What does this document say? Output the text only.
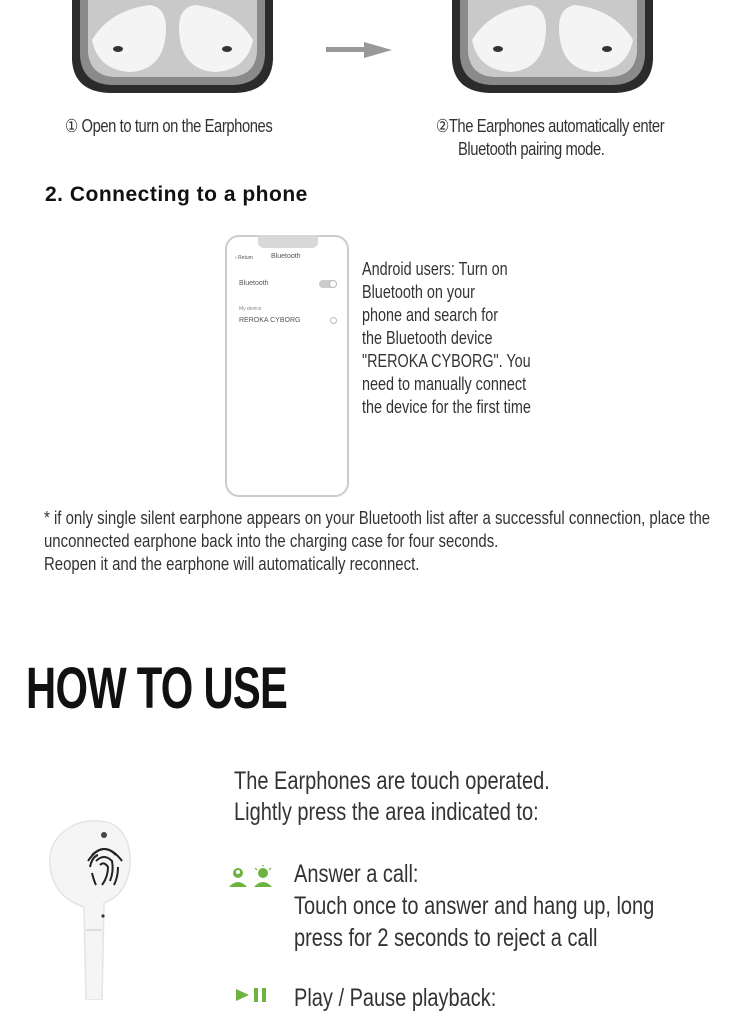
① Open to turn on the Earphones	②The Earphones automatically enter
Bluetooth pairing mode.
2. Connecting to a phone
‹ Return	Bluetooth
Bluetooth
My device
REROKA CYBORG
Android users: Turn on
Bluetooth on your
phone and search for
the Bluetooth device
"REROKA CYBORG". You
need to manually connect
the device for the first time
* if only single silent earphone appears on your Bluetooth list after a successful connection, place the
unconnected earphone back into the charging case for four seconds.
Reopen it and the earphone will automatically reconnect.
HOW TO USE
The Earphones are touch operated.
Lightly press the area indicated to:
Answer a call:
Touch once to answer and hang up, long
press for 2 seconds to reject a call
Play / Pause playback:
